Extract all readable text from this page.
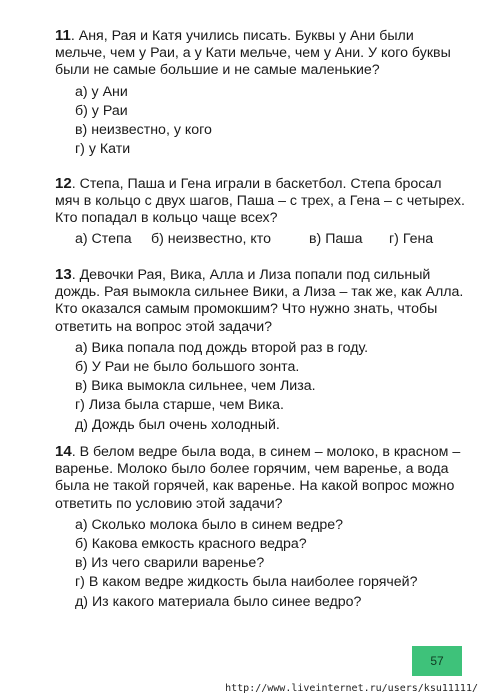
11. Аня, Рая и Катя учились писать. Буквы у Ани были мельче, чем у Раи, а у Кати мельче, чем у Ани. У кого буквы были не самые большие и не самые маленькие?

а) у Ани
б) у Раи
в) неизвестно, у кого
г) у Кати

12. Степа, Паша и Гена играли в баскетбол. Степа бросал мяч в кольцо с двух шагов, Паша – с трех, а Гена – с четырех. Кто попадал в кольцо чаще всех?

а) Степа	б) неизвестно, кто	в) Паша	г) Гена

13. Девочки Рая, Вика, Алла и Лиза попали под сильный дождь. Рая вымокла сильнее Вики, а Лиза – так же, как Алла. Кто оказался самым промокшим? Что нужно знать, чтобы ответить на вопрос этой задачи?

а) Вика попала под дождь второй раз в году.
б) У Раи не было большого зонта.
в) Вика вымокла сильнее, чем Лиза.
г) Лиза была старше, чем Вика.
д) Дождь был очень холодный.

14. В белом ведре была вода, в синем – молоко, в красном – варенье. Молоко было более горячим, чем варенье, а вода была не такой горячей, как варенье. На какой вопрос можно ответить по условию этой задачи?

а) Сколько молока было в синем ведре?
б) Какова емкость красного ведра?
в) Из чего сварили варенье?
г) В каком ведре жидкость была наиболее горячей?
д) Из какого материала было синее ведро?
57
http://www.liveinternet.ru/users/ksu11111/
